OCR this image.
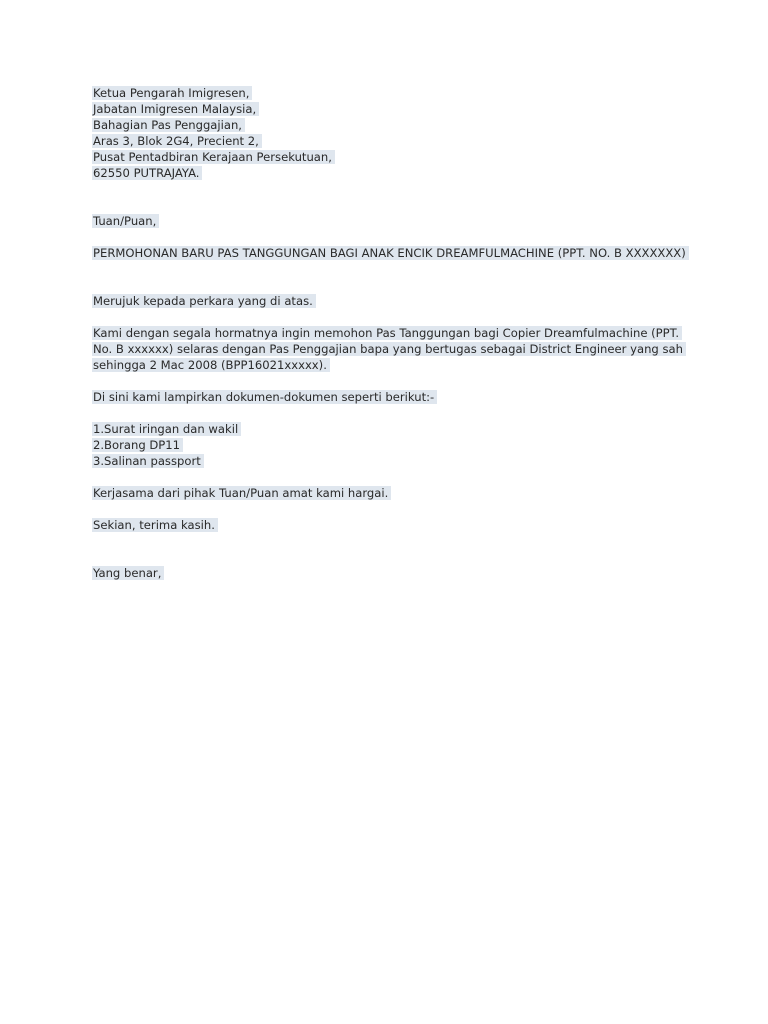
Ketua Pengarah Imigresen,
Jabatan Imigresen Malaysia,
Bahagian Pas Penggajian,
Aras 3, Blok 2G4, Precient 2,
Pusat Pentadbiran Kerajaan Persekutuan,
62550 PUTRAJAYA.
Tuan/Puan,
PERMOHONAN BARU PAS TANGGUNGAN BAGI ANAK ENCIK DREAMFULMACHINE (PPT. NO. B XXXXXXX)
Merujuk kepada perkara yang di atas.
Kami dengan segala hormatnya ingin memohon Pas Tanggungan bagi Copier Dreamfulmachine (PPT.
No. B xxxxxx) selaras dengan Pas Penggajian bapa yang bertugas sebagai District Engineer yang sah
sehingga 2 Mac 2008 (BPP16021xxxxx).
Di sini kami lampirkan dokumen-dokumen seperti berikut:-
1.Surat iringan dan wakil
2.Borang DP11
3.Salinan passport
Kerjasama dari pihak Tuan/Puan amat kami hargai.
Sekian, terima kasih.
Yang benar,
